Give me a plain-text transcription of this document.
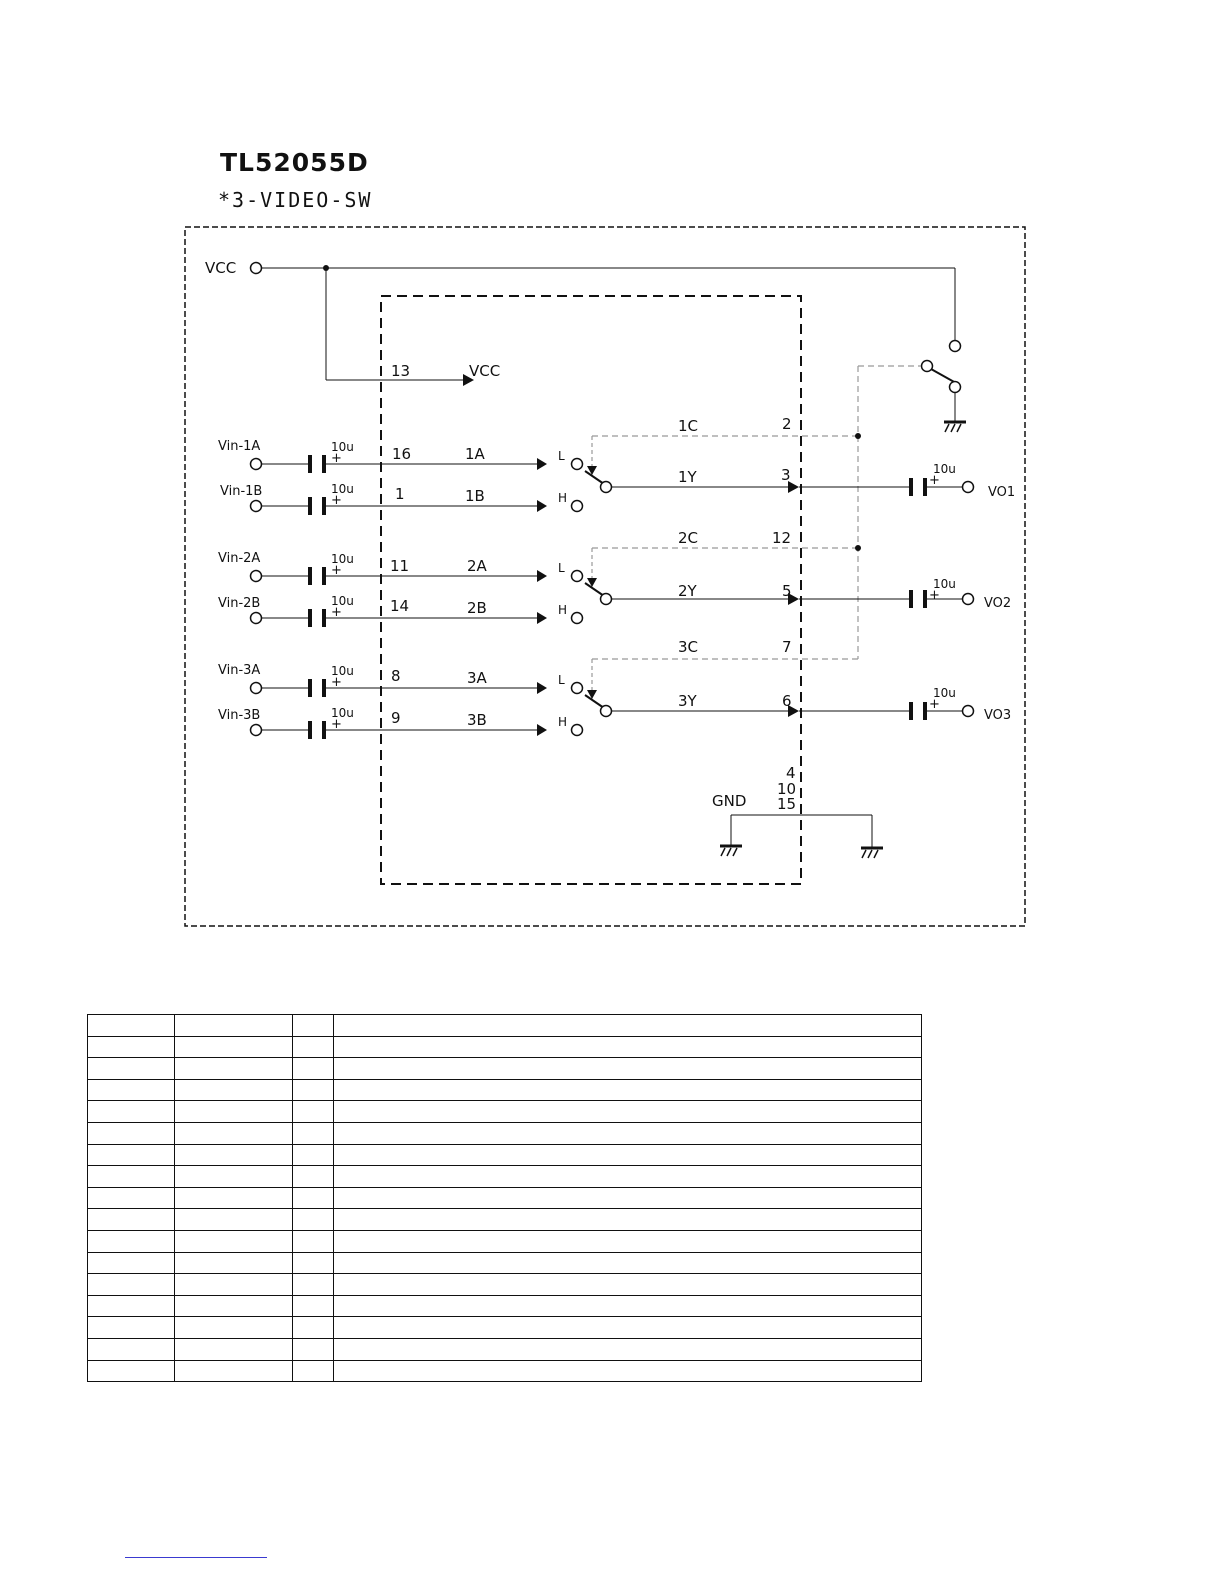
TL52055D
*3-VIDEO-SW
VCC
13	VCC
Vin-1A	10u
+	16	1A	L
Vin-1B	10u
+	1	1B	H
1Y	3	10u
+
VO1
1C	2
Vin-2A	10u
+	11	2A	L
Vin-2B	10u
+	14	2B	H
2Y	5	10u
+
VO2
2C	12
Vin-3A	10u
+	8	3A	L
Vin-3B	10u
+	9	3B	H
3Y	6	10u
+
VO3
3C	7
4
10
15
GND
